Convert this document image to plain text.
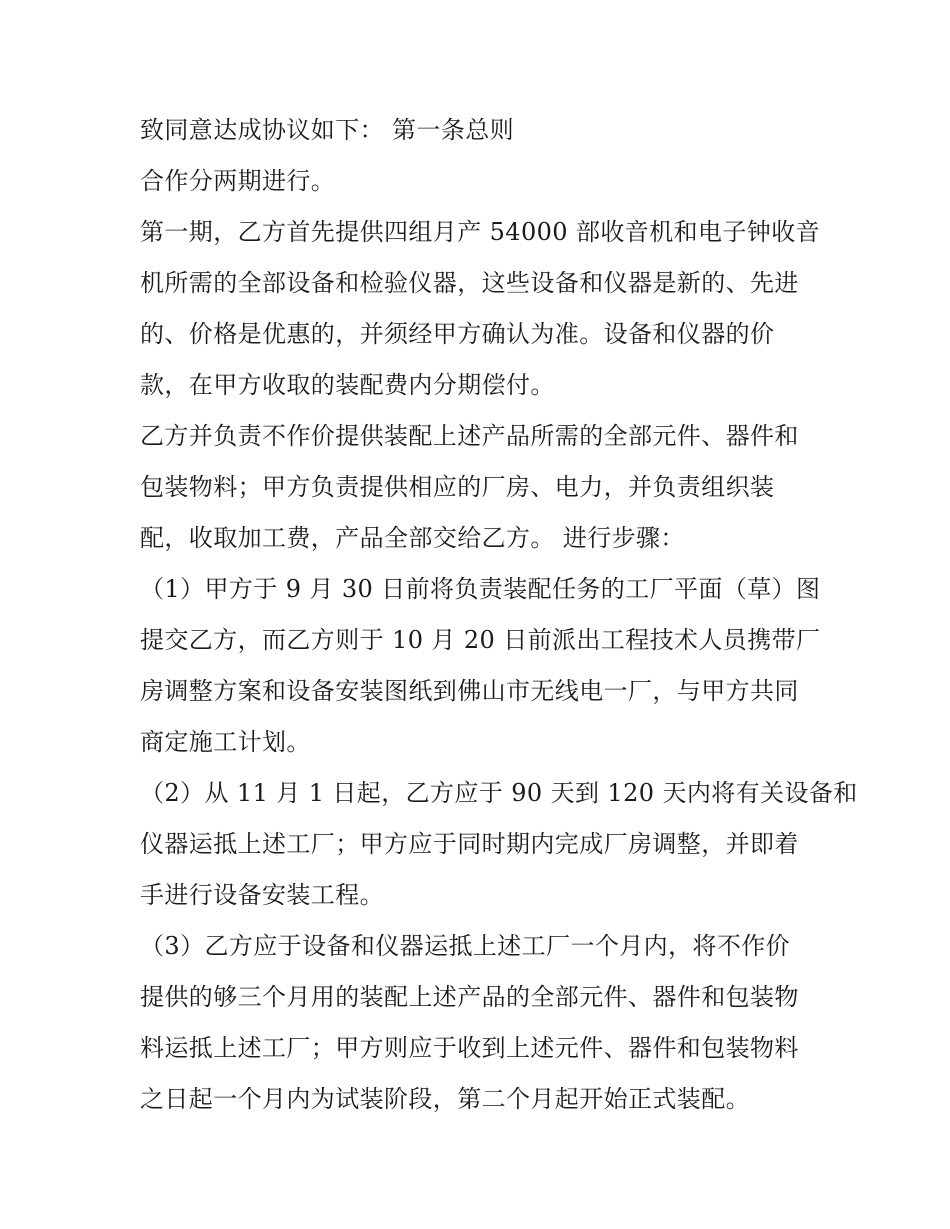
致同意达成协议如下： 第一条总则
合作分两期进行。
第一期，乙方首先提供四组月产 54000 部收音机和电子钟收音
机所需的全部设备和检验仪器，这些设备和仪器是新的、先进
的、价格是优惠的，并须经甲方确认为准。设备和仪器的价
款，在甲方收取的装配费内分期偿付。
乙方并负责不作价提供装配上述产品所需的全部元件、器件和
包装物料；甲方负责提供相应的厂房、电力，并负责组织装
配，收取加工费，产品全部交给乙方。 进行步骤：
（1）甲方于 9 月 30 日前将负责装配任务的工厂平面（草）图
提交乙方，而乙方则于 10 月 20 日前派出工程技术人员携带厂
房调整方案和设备安装图纸到佛山市无线电一厂，与甲方共同
商定施工计划。
（2）从 11 月 1 日起，乙方应于 90 天到 120 天内将有关设备和
仪器运抵上述工厂；甲方应于同时期内完成厂房调整，并即着
手进行设备安装工程。
（3）乙方应于设备和仪器运抵上述工厂一个月内，将不作价
提供的够三个月用的装配上述产品的全部元件、器件和包装物
料运抵上述工厂；甲方则应于收到上述元件、器件和包装物料
之日起一个月内为试装阶段，第二个月起开始正式装配。
